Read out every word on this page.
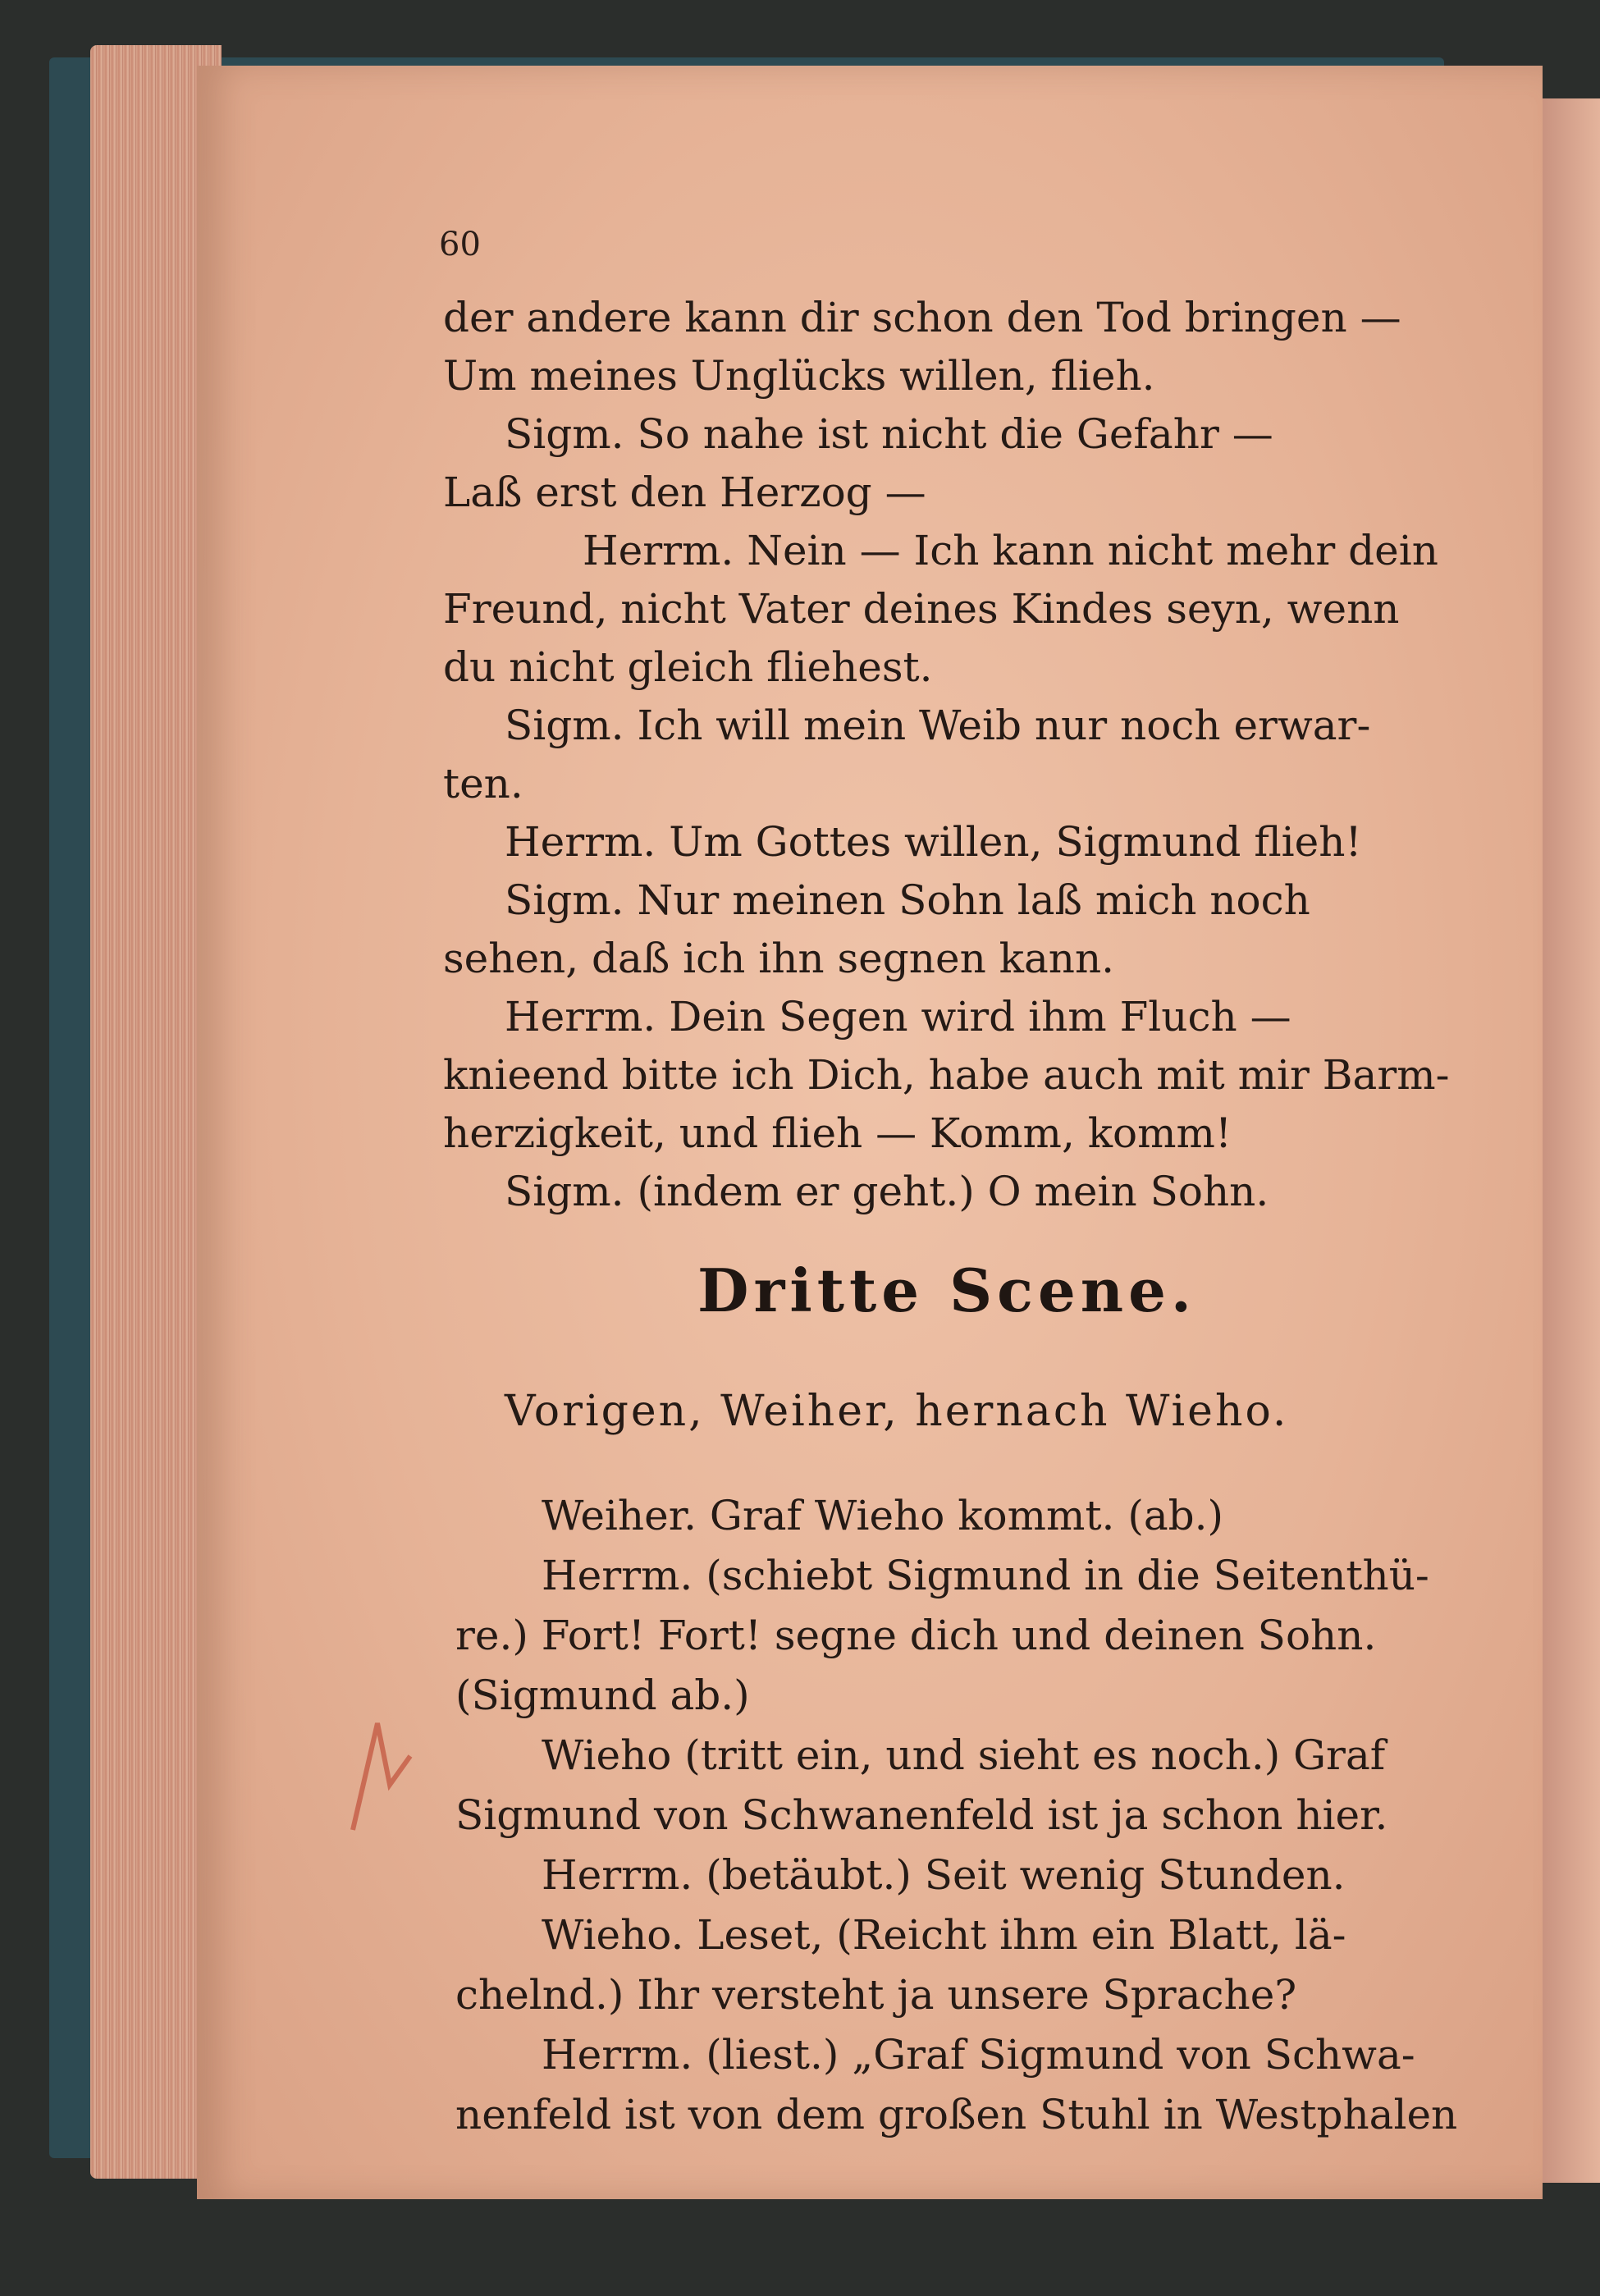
60
der andere kann dir schon den Tod bringen —
Um meines Unglücks willen, flieh.
Sigm. So nahe ist nicht die Gefahr —
Laß erst den Herzog —
Herrm. Nein — Ich kann nicht mehr dein
Freund, nicht Vater deines Kindes seyn, wenn
du nicht gleich fliehest.
Sigm. Ich will mein Weib nur noch erwar-
ten.
Herrm. Um Gottes willen, Sigmund flieh!
Sigm. Nur meinen Sohn laß mich noch
sehen, daß ich ihn segnen kann.
Herrm. Dein Segen wird ihm Fluch —
knieend bitte ich Dich, habe auch mit mir Barm-
herzigkeit, und flieh — Komm, komm!
Sigm. (indem er geht.) O mein Sohn.
Dritte Scene.
Vorigen, Weiher, hernach Wieho.
Weiher. Graf Wieho kommt. (ab.)
Herrm. (schiebt Sigmund in die Seitenthü-
re.) Fort! Fort! segne dich und deinen Sohn.
(Sigmund ab.)
Wieho (tritt ein, und sieht es noch.) Graf
Sigmund von Schwanenfeld ist ja schon hier.
Herrm. (betäubt.) Seit wenig Stunden.
Wieho. Leset, (Reicht ihm ein Blatt, lä-
chelnd.) Ihr versteht ja unsere Sprache?
Herrm. (liest.) „Graf Sigmund von Schwa-
nenfeld ist von dem großen Stuhl in Westphalen
